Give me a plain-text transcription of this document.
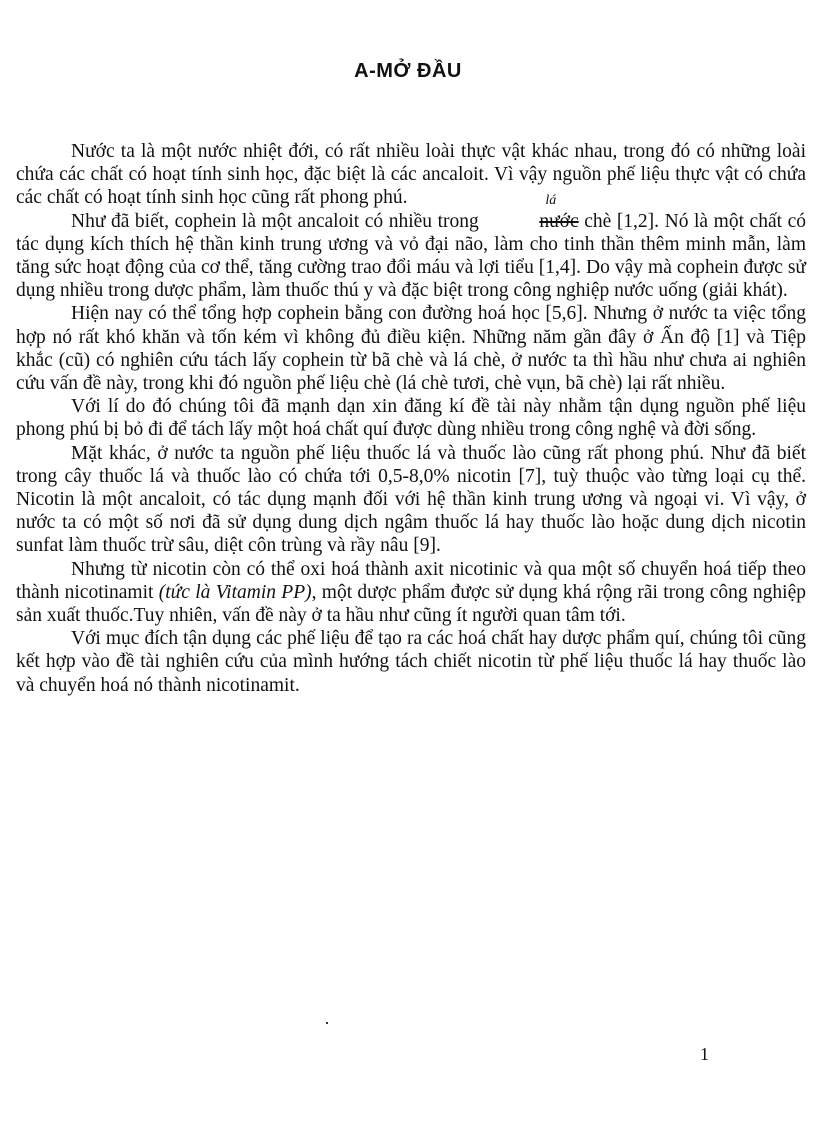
A-MỞ ĐẦU

Nước ta là một nước nhiệt đới, có rất nhiều loài thực vật khác nhau, trong đó có những loài chứa các chất có hoạt tính sinh học, đặc biệt là các ancaloit. Vì vậy nguồn phế liệu thực vật có chứa các chất có hoạt tính sinh học cũng rất phong phú.

Như đã biết, cophein là một ancaloit có nhiều trong	nước
lá
chè [1,2]. Nó là một chất có tác dụng kích thích hệ thần kinh trung ương và vỏ đại não, làm cho tinh thần thêm minh mẫn, làm tăng sức hoạt động của cơ thể, tăng cường trao đổi máu và lợi tiểu [1,4]. Do vậy mà cophein được sử dụng nhiều trong dược phẩm, làm thuốc thú y và đặc biệt trong công nghiệp nước uống (giải khát).

Hiện nay có thể tổng hợp cophein bằng con đường hoá học [5,6]. Nhưng ở nước ta việc tổng hợp nó rất khó khăn và tốn kém vì không đủ điều kiện. Những năm gần đây ở Ấn độ [1] và Tiệp khắc (cũ) có nghiên cứu tách lấy cophein từ bã chè và lá chè, ở nước ta thì hầu như chưa ai nghiên cứu vấn đề này, trong khi đó nguồn phế liệu chè (lá chè tươi, chè vụn, bã chè) lại rất nhiều.

Với lí do đó chúng tôi đã mạnh dạn xin đăng kí đề tài này nhằm tận dụng nguồn phế liệu phong phú bị bỏ đi để tách lấy một hoá chất quí được dùng nhiều trong công nghệ và đời sống.

Mặt khác, ở nước ta nguồn phế liệu thuốc lá và thuốc lào cũng rất phong phú. Như đã biết trong cây thuốc lá và thuốc lào có chứa tới 0,5-8,0% nicotin [7], tuỳ thuộc vào từng loại cụ thể. Nicotin là một ancaloit, có tác dụng mạnh đối với hệ thần kinh trung ương và ngoại vi. Vì vậy, ở nước ta có một số nơi đã sử dụng dung dịch ngâm thuốc lá hay thuốc lào hoặc dung dịch nicotin sunfat làm thuốc trừ sâu, diệt côn trùng và rầy nâu [9].

Nhưng từ nicotin còn có thể oxi hoá thành axit nicotinic và qua một số chuyển hoá tiếp theo thành nicotinamit (tức là Vitamin PP), một dược phẩm được sử dụng khá rộng rãi trong công nghiệp sản xuất thuốc.Tuy nhiên, vấn đề này ở ta hầu như cũng ít người quan tâm tới.

Với mục đích tận dụng các phế liệu để tạo ra các hoá chất hay dược phẩm quí, chúng tôi cũng kết hợp vào đề tài nghiên cứu của mình hướng tách chiết nicotin từ phế liệu thuốc lá hay thuốc lào và chuyển hoá nó thành nicotinamit.

1
